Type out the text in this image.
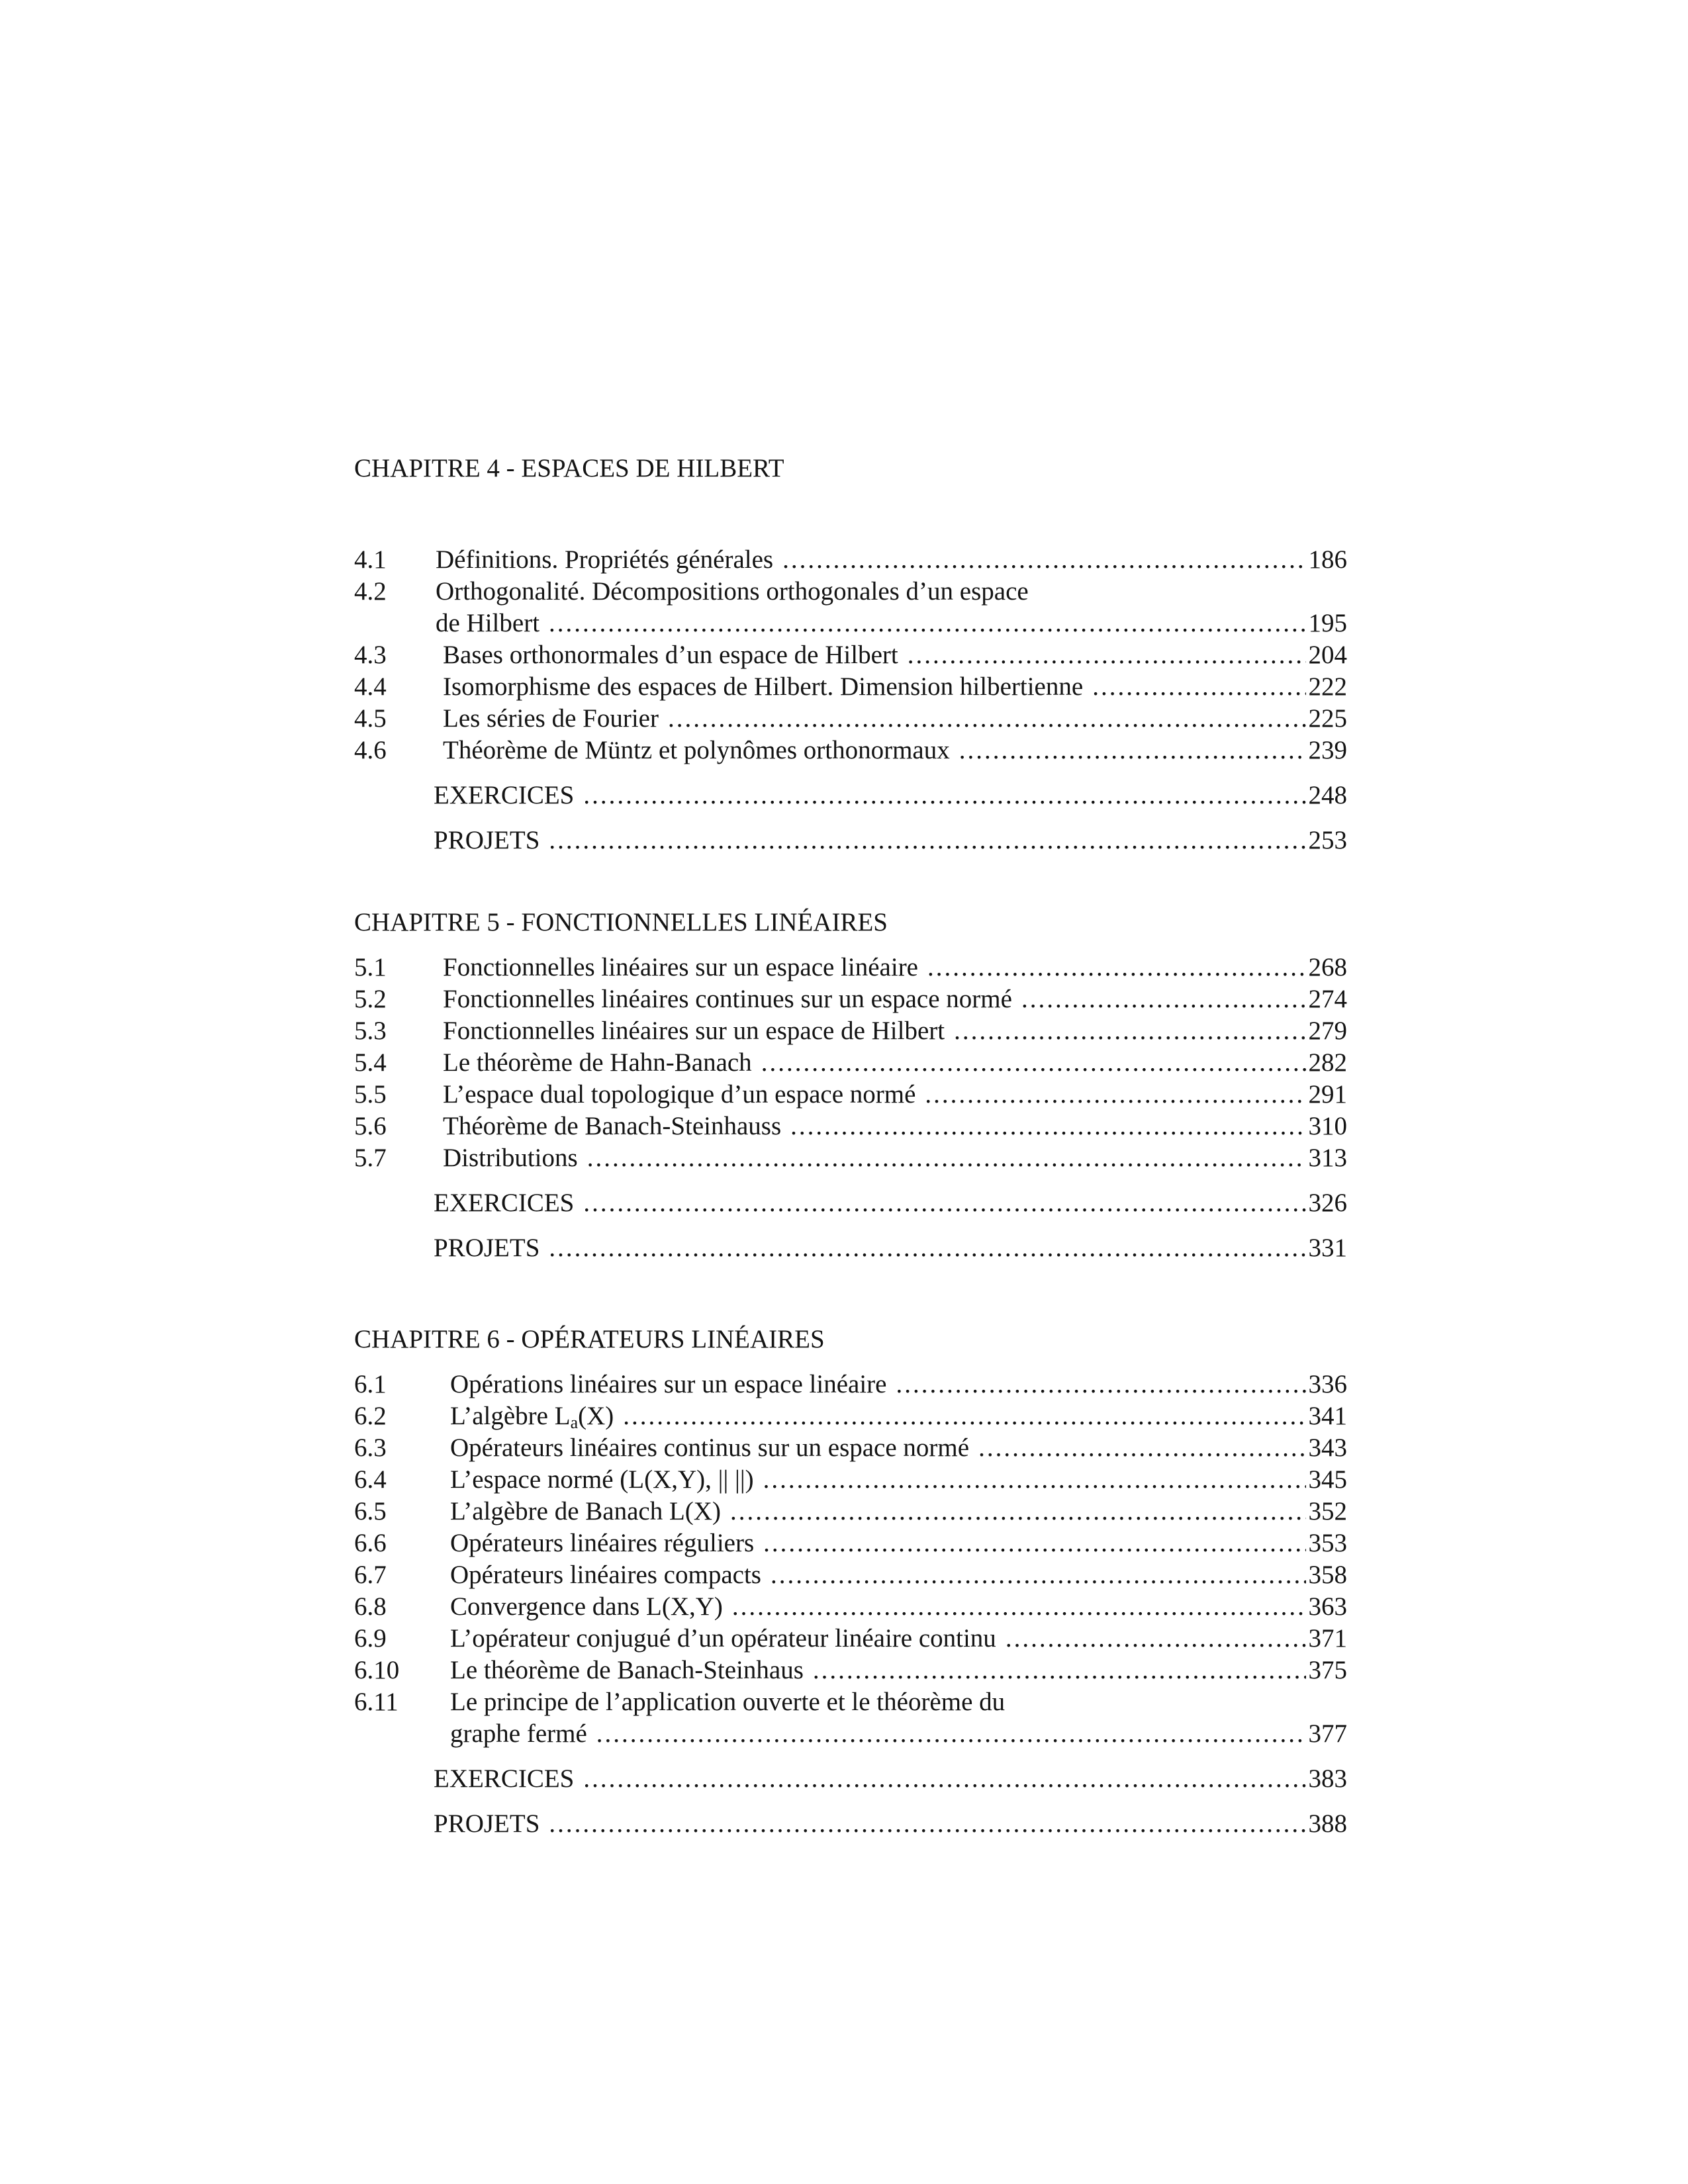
CHAPITRE 4 - ESPACES DE HILBERT
4.1 Définitions. Propriétés générales .....	186
4.2 Orthogonalité. Décompositions orthogonales d’un espace
de Hilbert .....	195
4.3 Bases orthonormales d’un espace de Hilbert .....	204
4.4 Isomorphisme des espaces de Hilbert. Dimension hilbertienne .....	222
4.5 Les séries de Fourier .....	225
4.6 Théorème de Müntz et polynômes orthonormaux .....	239
EXERCICES .....	248
PROJETS .....	253
CHAPITRE 5 - FONCTIONNELLES LINÉAIRES
5.1 Fonctionnelles linéaires sur un espace linéaire .....	268
5.2 Fonctionnelles linéaires continues sur un espace normé .....	274
5.3 Fonctionnelles linéaires sur un espace de Hilbert .....	279
5.4 Le théorème de Hahn-Banach .....	282
5.5 L’espace dual topologique d’un espace normé .....	291
5.6 Théorème de Banach-Steinhauss .....	310
5.7 Distributions .....	313
EXERCICES .....	326
PROJETS .....	331
CHAPITRE 6 - OPÉRATEURS LINÉAIRES
6.1 Opérations linéaires sur un espace linéaire .....	336
6.2 L’algèbre $L_a(X)$ .....	341
6.3 Opérateurs linéaires continus sur un espace normé .....	343
6.4 L’espace normé (L(X,Y), || ||) .....	345
6.5 L’algèbre de Banach L(X) .....	352
6.6 Opérateurs linéaires réguliers .....	353
6.7 Opérateurs linéaires compacts .....	358
6.8 Convergence dans L(X,Y) .....	363
6.9 L’opérateur conjugué d’un opérateur linéaire continu .....	371
6.10 Le théorème de Banach-Steinhaus .....	375
6.11 Le principe de l’application ouverte et le théorème du
graphe fermé .....	377
EXERCICES .....	383
PROJETS .....	388
